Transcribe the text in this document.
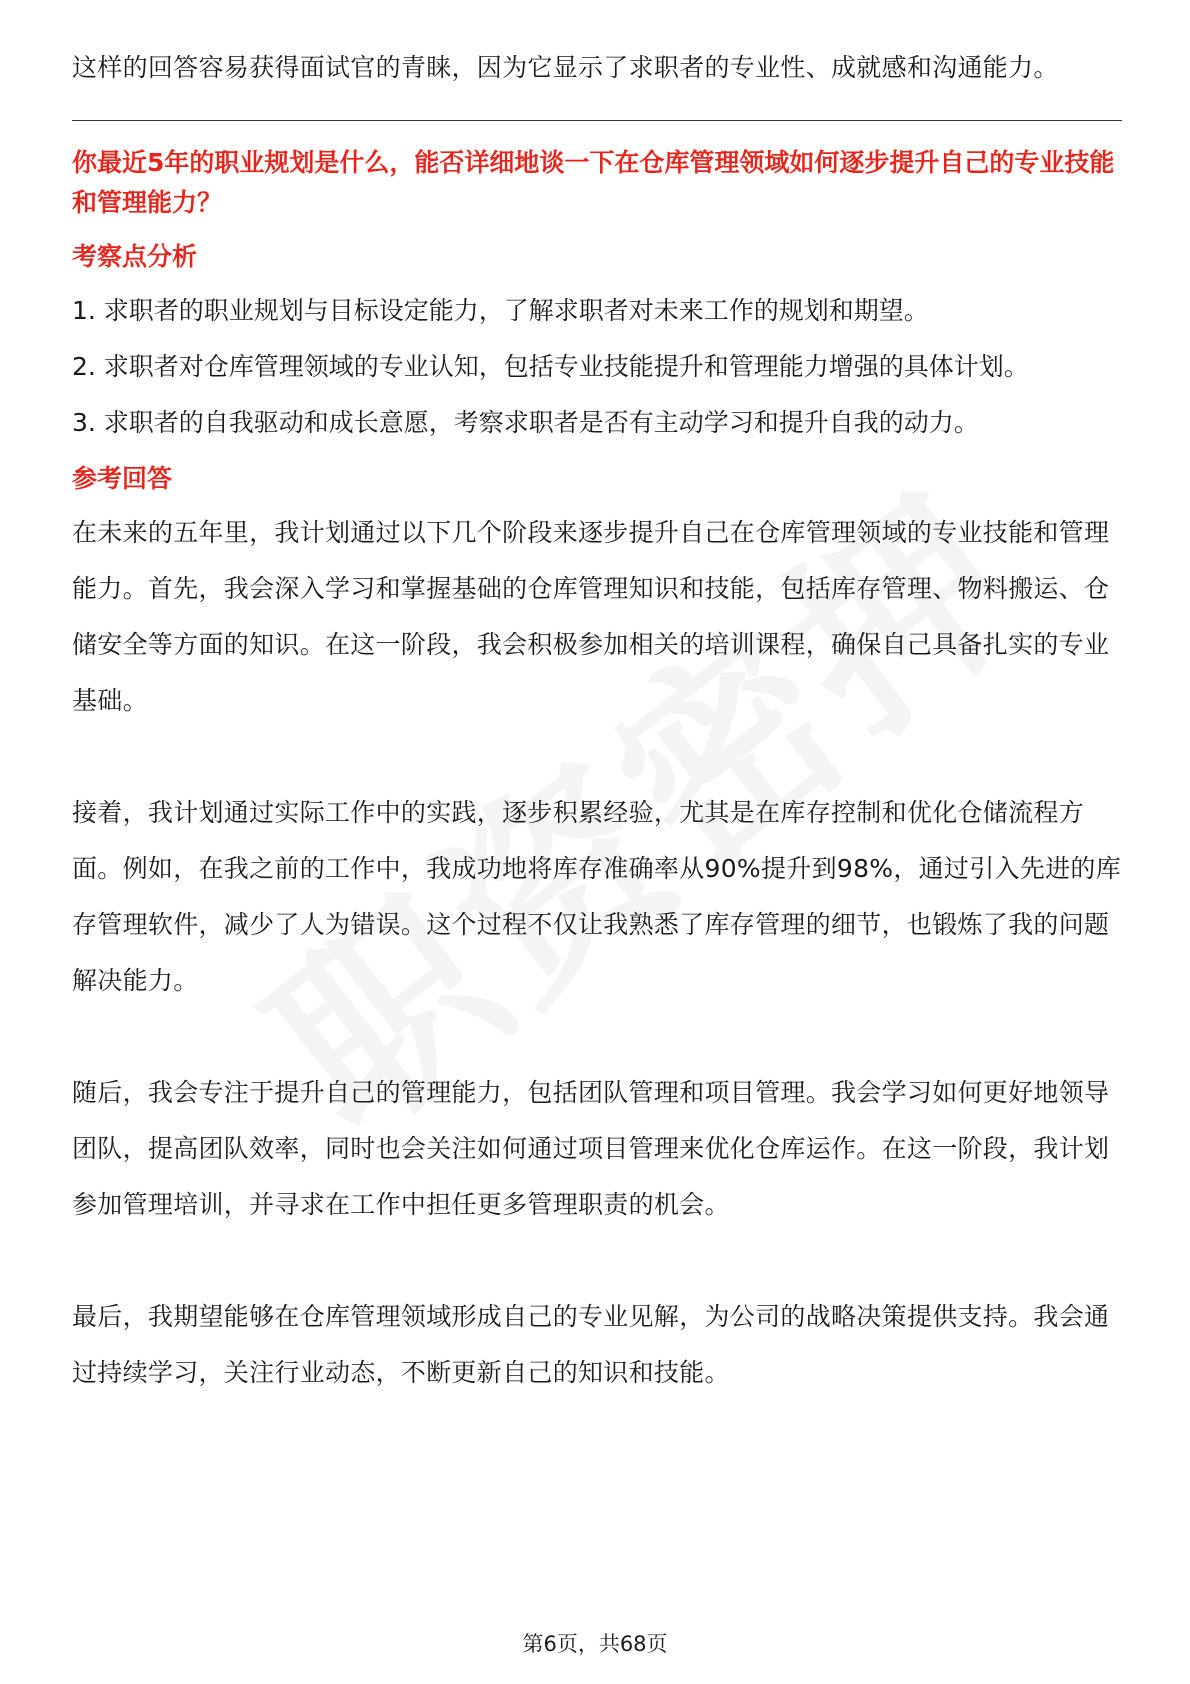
这样的回答容易获得面试官的青睐，因为它显示了求职者的专业性、成就感和沟通能力。

你最近5年的职业规划是什么，能否详细地谈一下在仓库管理领域如何逐步提升自己的专业技能和管理能力？

考察点分析

1. 求职者的职业规划与目标设定能力，了解求职者对未来工作的规划和期望。

2. 求职者对仓库管理领域的专业认知，包括专业技能提升和管理能力增强的具体计划。

3. 求职者的自我驱动和成长意愿，考察求职者是否有主动学习和提升自我的动力。

参考回答

在未来的五年里，我计划通过以下几个阶段来逐步提升自己在仓库管理领域的专业技能和管理能力。首先，我会深入学习和掌握基础的仓库管理知识和技能，包括库存管理、物料搬运、仓储安全等方面的知识。在这一阶段，我会积极参加相关的培训课程，确保自己具备扎实的专业基础。

接着，我计划通过实际工作中的实践，逐步积累经验，尤其是在库存控制和优化仓储流程方面。例如，在我之前的工作中，我成功地将库存准确率从90%提升到98%，通过引入先进的库存管理软件，减少了人为错误。这个过程不仅让我熟悉了库存管理的细节，也锻炼了我的问题解决能力。

随后，我会专注于提升自己的管理能力，包括团队管理和项目管理。我会学习如何更好地领导团队，提高团队效率，同时也会关注如何通过项目管理来优化仓库运作。在这一阶段，我计划参加管理培训，并寻求在工作中担任更多管理职责的机会。

最后，我期望能够在仓库管理领域形成自己的专业见解，为公司的战略决策提供支持。我会通过持续学习，关注行业动态，不断更新自己的知识和技能。

第6页，共68页
